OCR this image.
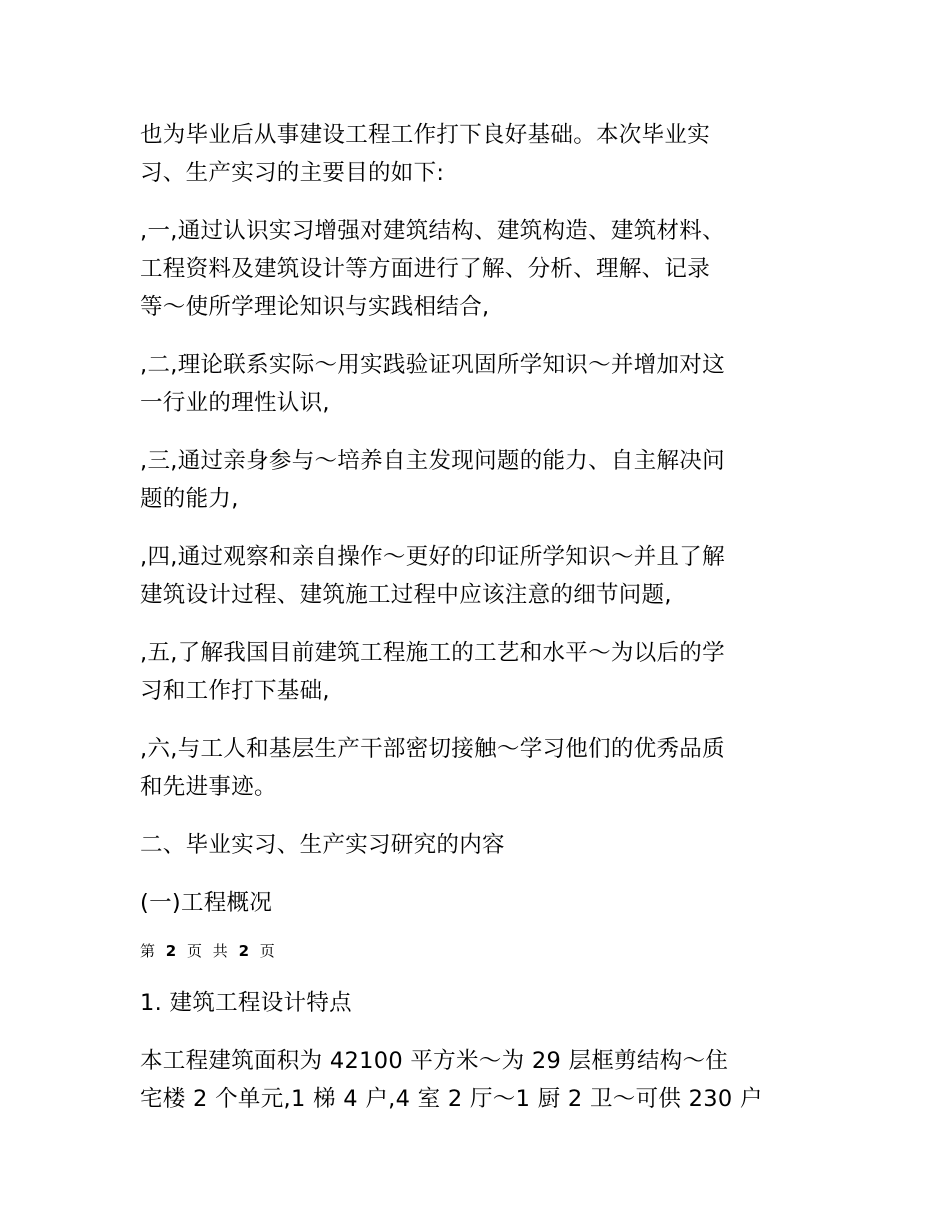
也为毕业后从事建设工程工作打下良好基础。本次毕业实
习、生产实习的主要目的如下:
,一,通过认识实习增强对建筑结构、建筑构造、建筑材料、
工程资料及建筑设计等方面进行了解、分析、理解、记录
等～使所学理论知识与实践相结合,
,二,理论联系实际～用实践验证巩固所学知识～并增加对这
一行业的理性认识,
,三,通过亲身参与～培养自主发现问题的能力、自主解决问
题的能力,
,四,通过观察和亲自操作～更好的印证所学知识～并且了解
建筑设计过程、建筑施工过程中应该注意的细节问题,
,五,了解我国目前建筑工程施工的工艺和水平～为以后的学
习和工作打下基础,
,六,与工人和基层生产干部密切接触～学习他们的优秀品质
和先进事迹。
二、毕业实习、生产实习研究的内容
(一)工程概况
第 2 页 共 2 页
1. 建筑工程设计特点
本工程建筑面积为 42100 平方米～为 29 层框剪结构～住
宅楼 2 个单元,1 梯 4 户,4 室 2 厅～1 厨 2 卫～可供 230 户
